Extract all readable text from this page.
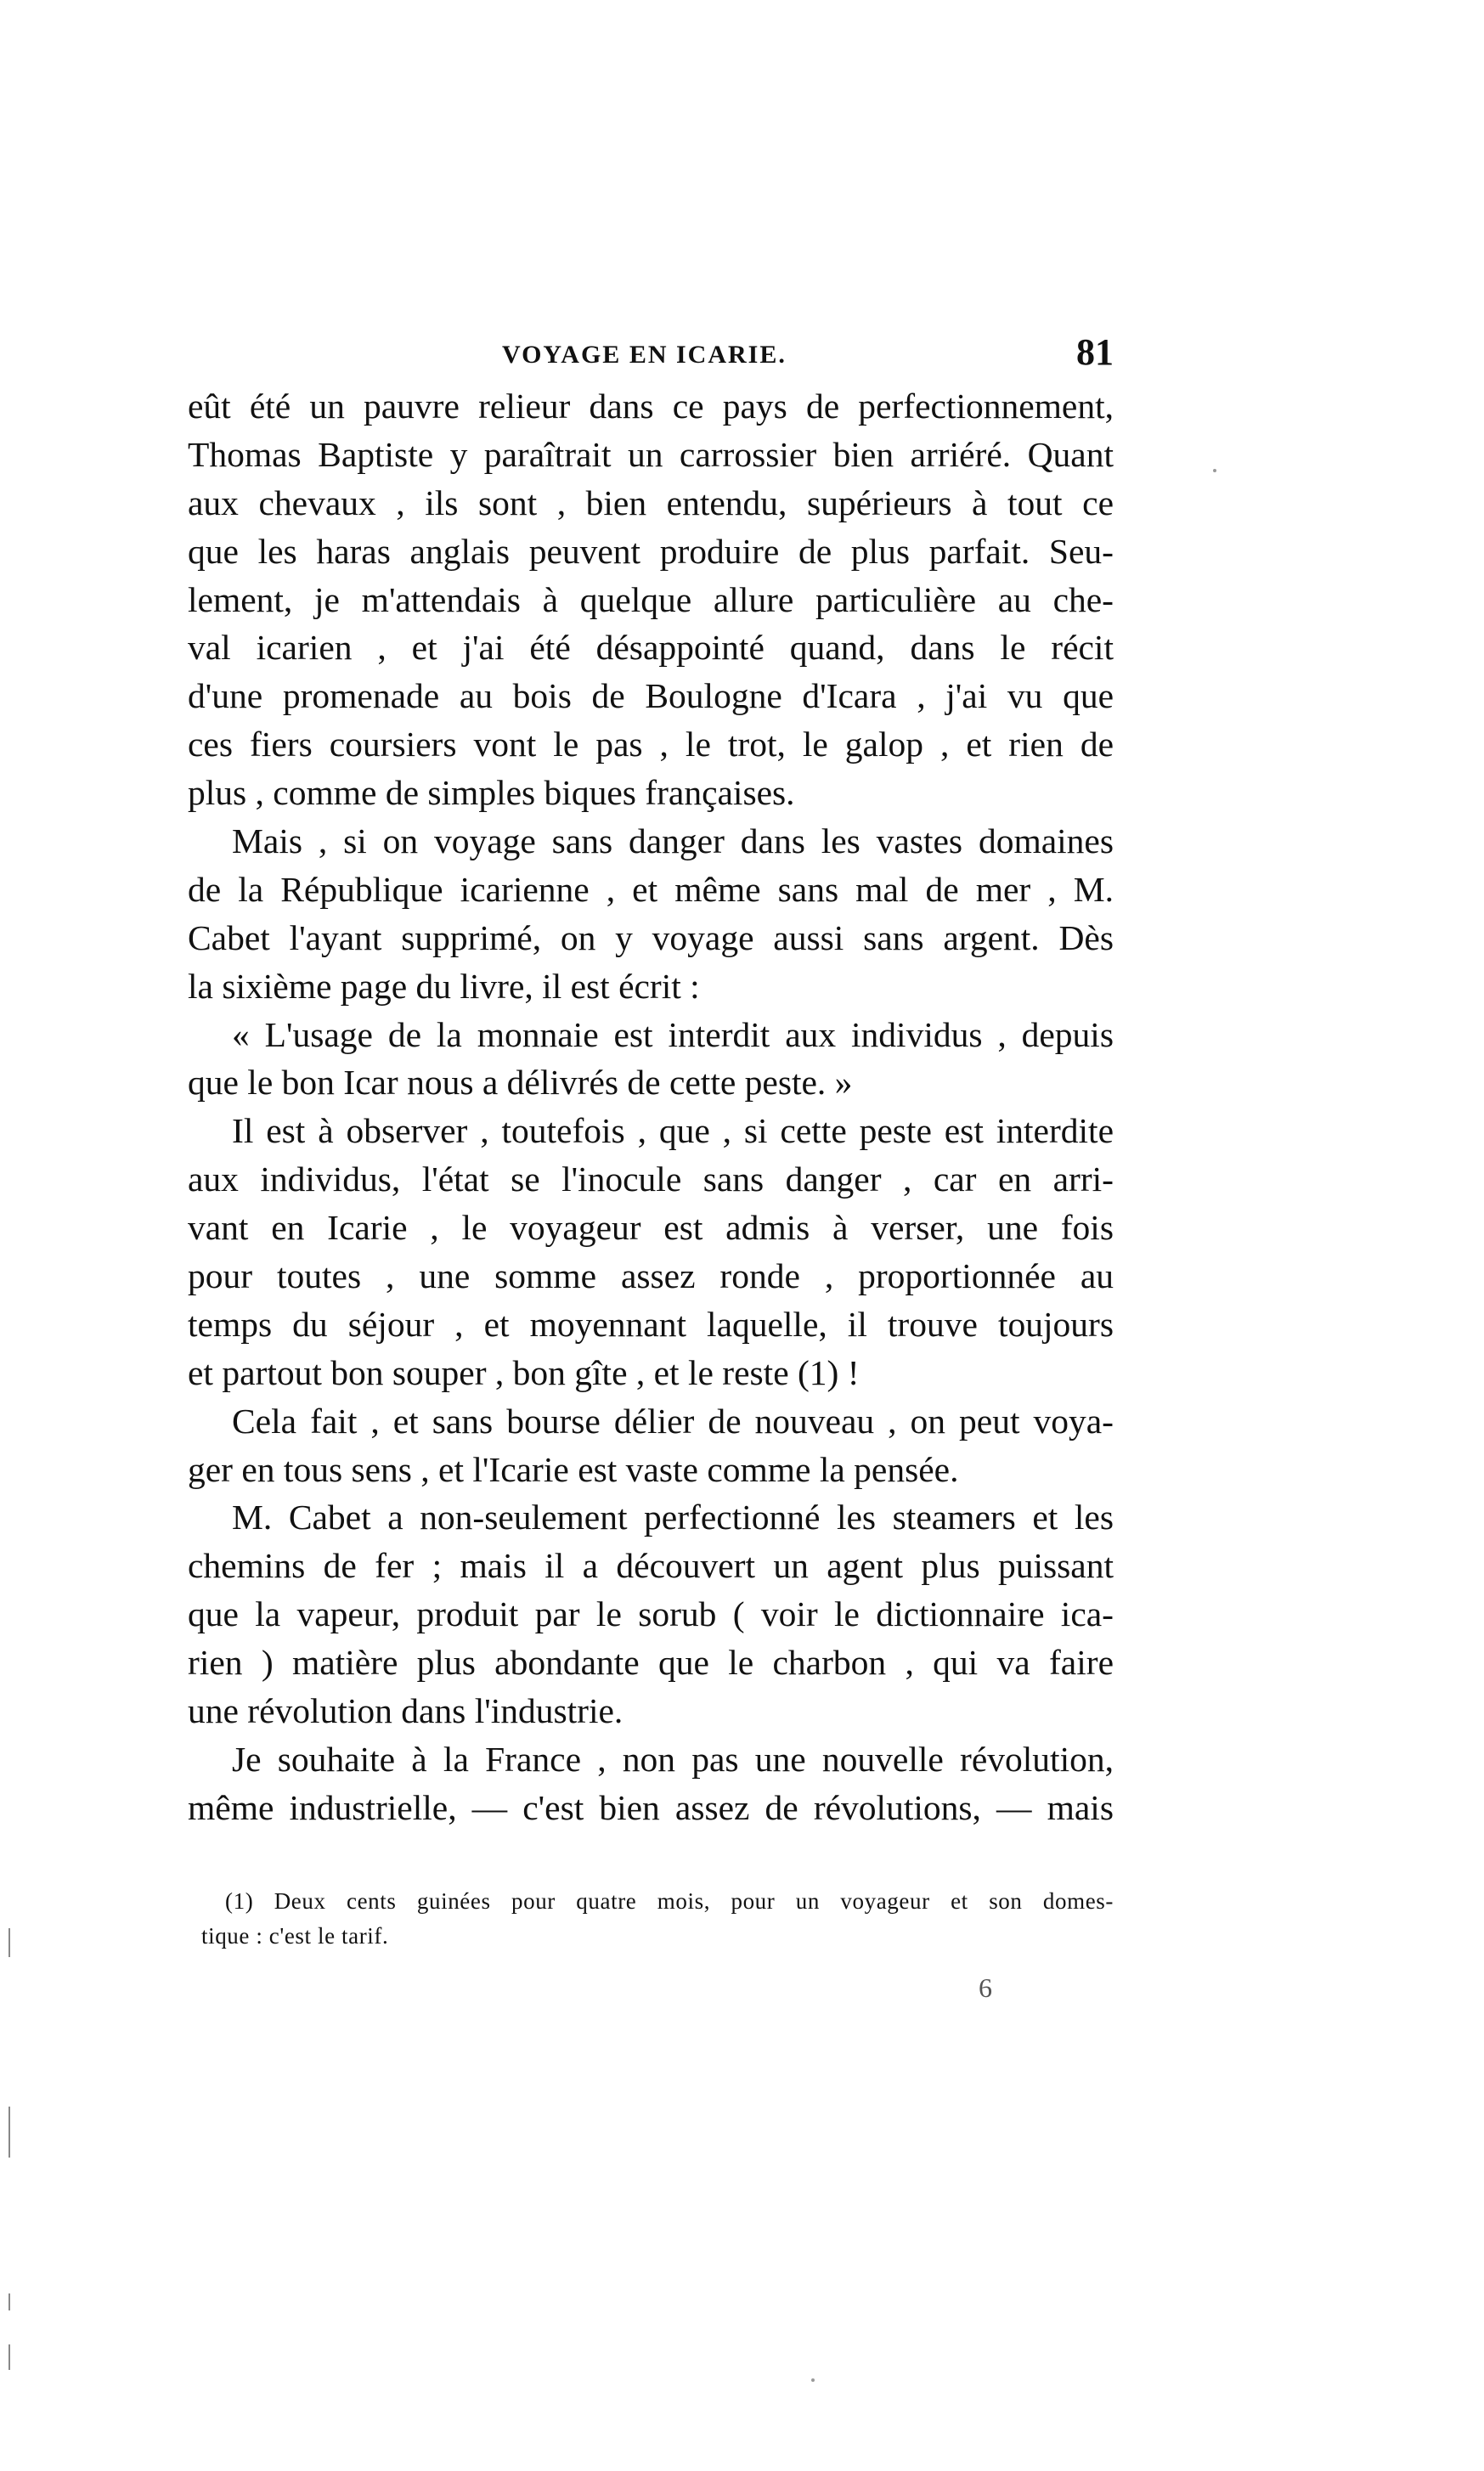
VOYAGE EN ICARIE.	81
eût été un pauvre relieur dans ce pays de perfectionnement,
Thomas Baptiste y paraîtrait un carrossier bien arriéré. Quant
aux chevaux , ils sont , bien entendu, supérieurs à tout ce
que les haras anglais peuvent produire de plus parfait. Seu-
lement, je m'attendais à quelque allure particulière au che-
val icarien , et j'ai été désappointé quand, dans le récit
d'une promenade au bois de Boulogne d'Icara , j'ai vu que
ces fiers coursiers vont le pas , le trot, le galop , et rien de
plus , comme de simples biques françaises.
Mais , si on voyage sans danger dans les vastes domaines
de la République icarienne , et même sans mal de mer , M.
Cabet l'ayant supprimé, on y voyage aussi sans argent. Dès
la sixième page du livre, il est écrit :
« L'usage de la monnaie est interdit aux individus , depuis
que le bon Icar nous a délivrés de cette peste. »
Il est à observer , toutefois , que , si cette peste est interdite
aux individus, l'état se l'inocule sans danger , car en arri-
vant en Icarie , le voyageur est admis à verser, une fois
pour toutes , une somme assez ronde , proportionnée au
temps du séjour , et moyennant laquelle, il trouve toujours
et partout bon souper , bon gîte , et le reste (1) !
Cela fait , et sans bourse délier de nouveau , on peut voya-
ger en tous sens , et l'Icarie est vaste comme la pensée.
M. Cabet a non-seulement perfectionné les steamers et les
chemins de fer ; mais il a découvert un agent plus puissant
que la vapeur, produit par le sorub ( voir le dictionnaire ica-
rien ) matière plus abondante que le charbon , qui va faire
une révolution dans l'industrie.
Je souhaite à la France , non pas une nouvelle révolution,
même industrielle, — c'est bien assez de révolutions, — mais
(1) Deux cents guinées pour quatre mois, pour un voyageur et son domes-
tique : c'est le tarif.
6
